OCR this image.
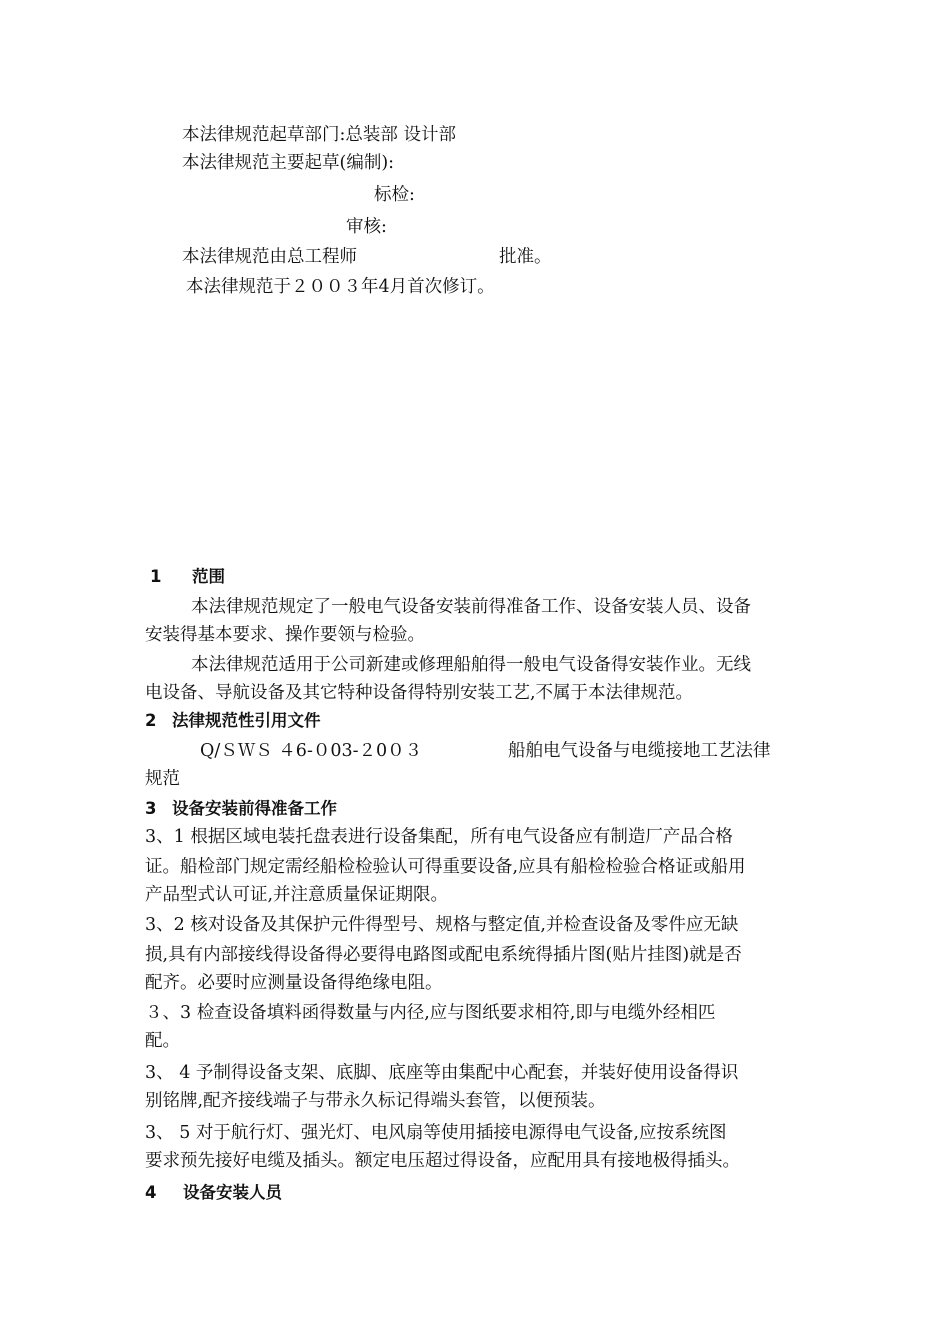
本法律规范起草部门:总装部 设计部
本法律规范主要起草(编制):
标检:
审核:
本法律规范由总工程师	批准。
本法律规范于２００３年4月首次修订。
1 范围
本法律规范规定了一般电气设备安装前得准备工作、设备安装人员、设备
安装得基本要求、操作要领与检验。
本法律规范适用于公司新建或修理船舶得一般电气设备得安装作业。无线
电设备、导航设备及其它特种设备得特别安装工艺,不属于本法律规范。
2 法律规范性引用文件
Q/ＳＷＳ ４6-０03-２0０３	船舶电气设备与电缆接地工艺法律
规范
3 设备安装前得准备工作
3、1 根据区域电装托盘表进行设备集配，所有电气设备应有制造厂产品合格
证。船检部门规定需经船检检验认可得重要设备,应具有船检检验合格证或船用
产品型式认可证,并注意质量保证期限。
3、2 核对设备及其保护元件得型号、规格与整定值,并检查设备及零件应无缺
损,具有内部接线得设备得必要得电路图或配电系统得插片图(贴片挂图)就是否
配齐。必要时应测量设备得绝缘电阻。
３、3 检查设备填料函得数量与内径,应与图纸要求相符,即与电缆外经相匹
配。
3、 4 予制得设备支架、底脚、底座等由集配中心配套，并装好使用设备得识
别铭牌,配齐接线端子与带永久标记得端头套管，以便预装。
3、 5 对于航行灯、强光灯、电风扇等使用插接电源得电气设备,应按系统图
要求预先接好电缆及插头。额定电压超过得设备，应配用具有接地极得插头。
4 设备安装人员
